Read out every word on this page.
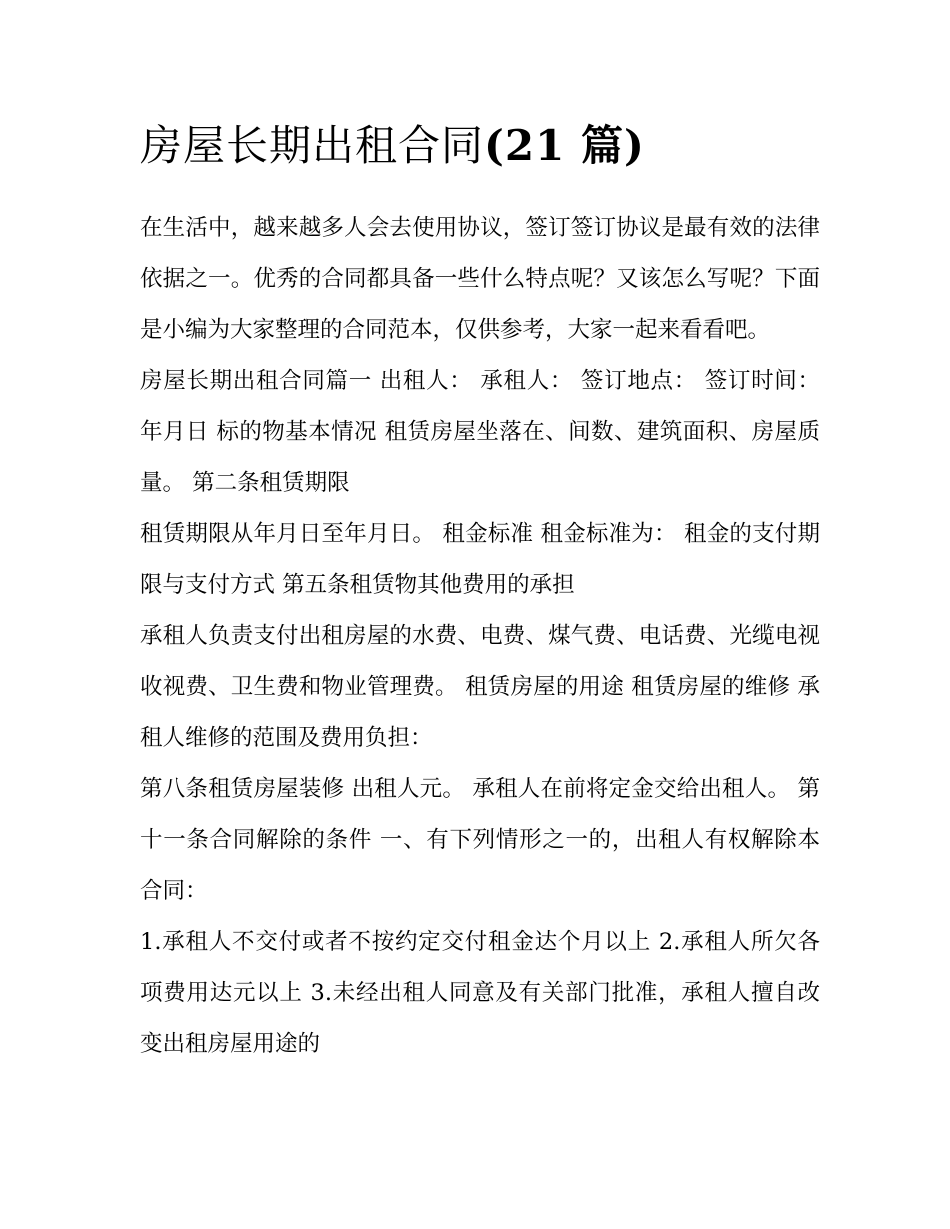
房屋长期出租合同(21 篇)

在生活中，越来越多人会去使用协议，签订签订协议是最有效的法律依据之一。优秀的合同都具备一些什么特点呢？又该怎么写呢？下面是小编为大家整理的合同范本，仅供参考，大家一起来看看吧。

房屋长期出租合同篇一 出租人： 承租人： 签订地点： 签订时间：年月日 标的物基本情况 租赁房屋坐落在、间数、建筑面积、房屋质量。 第二条租赁期限

租赁期限从年月日至年月日。 租金标准 租金标准为： 租金的支付期限与支付方式 第五条租赁物其他费用的承担

承租人负责支付出租房屋的水费、电费、煤气费、电话费、光缆电视收视费、卫生费和物业管理费。 租赁房屋的用途 租赁房屋的维修 承租人维修的范围及费用负担：

第八条租赁房屋装修 出租人元。 承租人在前将定金交给出租人。 第十一条合同解除的条件 一、有下列情形之一的，出租人有权解除本合同：

1.承租人不交付或者不按约定交付租金达个月以上 2.承租人所欠各项费用达元以上 3.未经出租人同意及有关部门批准，承租人擅自改变出租房屋用途的
